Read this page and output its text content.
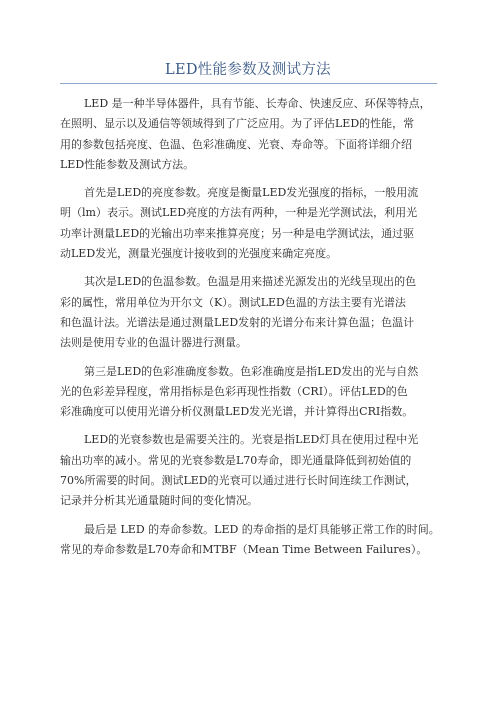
LED性能参数及测试方法

LED 是一种半导体器件，具有节能、长寿命、快速反应、环保等特点，
在照明、显示以及通信等领域得到了广泛应用。为了评估LED的性能，常
用的参数包括亮度、色温、色彩准确度、光衰、寿命等。下面将详细介绍
LED性能参数及测试方法。

首先是LED的亮度参数。亮度是衡量LED发光强度的指标，一般用流
明（lm）表示。测试LED亮度的方法有两种，一种是光学测试法，利用光
功率计测量LED的光输出功率来推算亮度；另一种是电学测试法，通过驱
动LED发光，测量光强度计接收到的光强度来确定亮度。

其次是LED的色温参数。色温是用来描述光源发出的光线呈现出的色
彩的属性，常用单位为开尔文（K）。测试LED色温的方法主要有光谱法
和色温计法。光谱法是通过测量LED发射的光谱分布来计算色温；色温计
法则是使用专业的色温计器进行测量。

第三是LED的色彩准确度参数。色彩准确度是指LED发出的光与自然
光的色彩差异程度，常用指标是色彩再现性指数（CRI）。评估LED的色
彩准确度可以使用光谱分析仪测量LED发光光谱，并计算得出CRI指数。

LED的光衰参数也是需要关注的。光衰是指LED灯具在使用过程中光
输出功率的减小。常见的光衰参数是L70寿命，即光通量降低到初始值的
70%所需要的时间。测试LED的光衰可以通过进行长时间连续工作测试，
记录并分析其光通量随时间的变化情况。

最后是 LED 的寿命参数。LED 的寿命指的是灯具能够正常工作的时间。
常见的寿命参数是L70寿命和MTBF（Mean Time Between Failures）。
